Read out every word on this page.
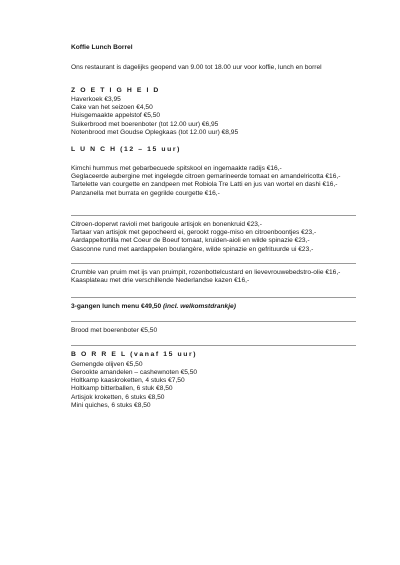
Koffie Lunch Borrel

Ons restaurant is dagelijks geopend van 9.00 tot 18.00 uur voor koffie, lunch en borrel

Z O E T I G H E I D

Haverkoek €3,95

Cake van het seizoen €4,50

Huisgemaakte appelstof €5,50

Suikerbrood met boerenboter (tot 12.00 uur) €6,95

Notenbrood met Goudse Oplegkaas (tot 12.00 uur) €8,95

L U N C H (12 – 15 uur)

Kimchi hummus met gebarbecuede spitskool en ingemaakte radijs €16,-

Geglaceerde aubergine met ingelegde citroen gemarineerde tomaat en amandelricotta €16,-

Tartelette van courgette en zandpeen met Robiola Tre Latti en jus van wortel en dashi €16,-

Panzanella met burrata en gegrilde courgette €16,-

Citroen-doperwt ravioli met barigoule artisjok en bonenkruid €23,-

Tartaar van artisjok met gepocheerd ei, gerookt rogge-miso en citroenboontjes €23,-

Aardappeltortilla met Coeur de Boeuf tomaat, kruiden-aioli en wilde spinazie €23,-

Gasconne rund met aardappelen boulangère, wilde spinazie en gefrituurde ui €23,-

Crumble van pruim met ijs van pruimpit, rozenbottelcustard en lievevrouwebedstro-olie €16,-

Kaasplateau met drie verschillende Nederlandse kazen €16,-

3-gangen lunch menu €49,50 (incl. welkomstdrankje)

Brood met boerenboter €5,50

B O R R E L (vanaf 15 uur)

Gemengde olijven €5,50

Gerookte amandelen – cashewnoten €5,50

Holtkamp kaaskroketten, 4 stuks €7,50

Holtkamp bitterballen, 6 stuk €8,50

Artisjok kroketten, 6 stuks €8,50

Mini quiches, 6 stuks €8,50
